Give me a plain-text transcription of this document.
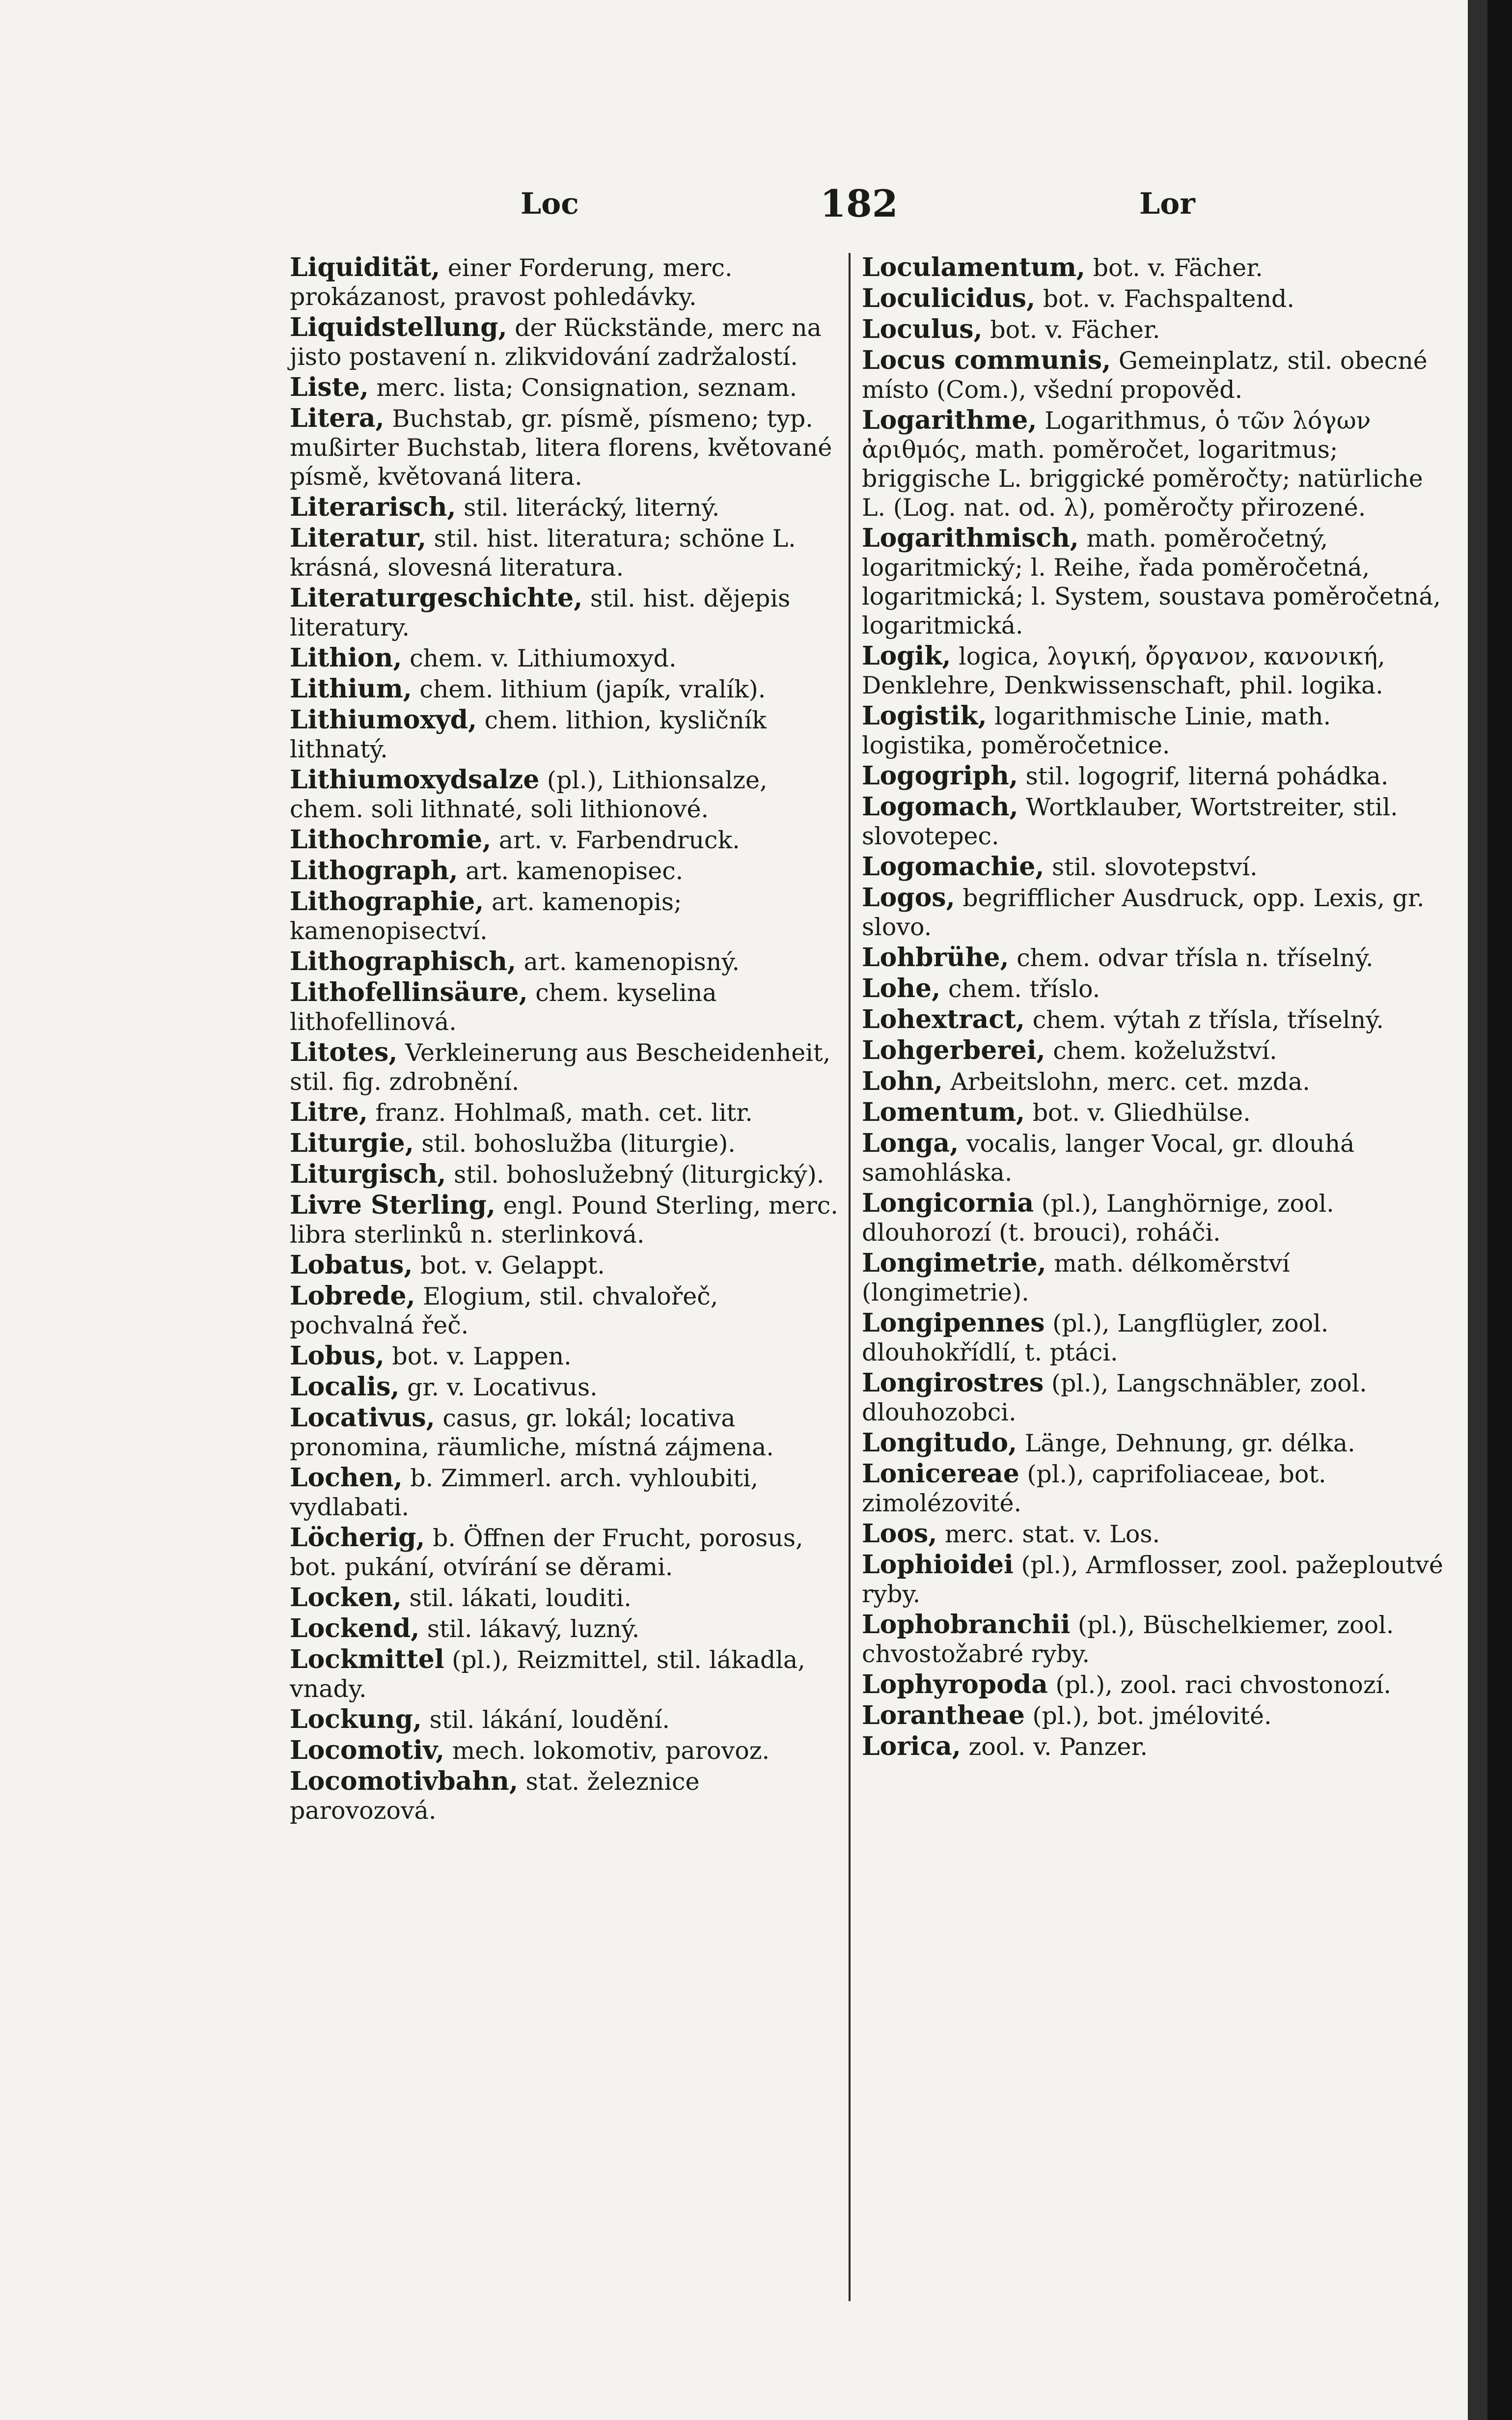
Loc	182	Lor
Liquidität, einer Forderung, merc. prokázanost, pravost pohledávky.
Liquidstellung, der Rückstände, merc na jisto postavení n. zlikvidování zadržalostí.
Liste, merc. lista; Consignation, seznam.
Litera, Buchstab, gr. písmě, písmeno; typ. mußirter Buchstab, litera florens, květované písmě, květovaná litera.
Literarisch, stil. literácký, literný.
Literatur, stil. hist. literatura; schöne L. krásná, slovesná literatura.
Literaturgeschichte, stil. hist. dějepis literatury.
Lithion, chem. v. Lithiumoxyd.
Lithium, chem. lithium (japík, vralík).
Lithiumoxyd, chem. lithion, kysličník lithnatý.
Lithiumoxydsalze (pl.), Lithionsalze, chem. soli lithnaté, soli lithionové.
Lithochromie, art. v. Farbendruck.
Lithograph, art. kamenopisec.
Lithographie, art. kamenopis; kamenopisectví.
Lithographisch, art. kamenopisný.
Lithofellinsäure, chem. kyselina lithofellinová.
Litotes, Verkleinerung aus Bescheidenheit, stil. fig. zdrobnění.
Litre, franz. Hohlmaß, math. cet. litr.
Liturgie, stil. bohoslužba (liturgie).
Liturgisch, stil. bohoslužebný (liturgický).
Livre Sterling, engl. Pound Sterling, merc. libra sterlinků n. sterlinková.
Lobatus, bot. v. Gelappt.
Lobrede, Elogium, stil. chvalořeč, pochvalná řeč.
Lobus, bot. v. Lappen.
Localis, gr. v. Locativus.
Locativus, casus, gr. lokál; locativa pronomina, räumliche, místná zájmena.
Lochen, b. Zimmerl. arch. vyhloubiti, vydlabati.
Löcherig, b. Öffnen der Frucht, porosus, bot. pukání, otvírání se děrami.
Locken, stil. lákati, louditi.
Lockend, stil. lákavý, luzný.
Lockmittel (pl.), Reizmittel, stil. lákadla, vnady.
Lockung, stil. lákání, loudění.
Locomotiv, mech. lokomotiv, parovoz.
Locomotivbahn, stat. železnice parovozová.
Loculamentum, bot. v. Fächer.
Loculicidus, bot. v. Fachspaltend.
Loculus, bot. v. Fächer.
Locus communis, Gemeinplatz, stil. obecné místo (Com.), všední propověd.
Logarithme, Logarithmus, ὁ τῶν λόγων ἀριθμός, math. poměročet, logaritmus; briggische L. briggické poměročty; natürliche L. (Log. nat. od. λ), poměročty přirozené.
Logarithmisch, math. poměročetný, logaritmický; l. Reihe, řada poměročetná, logaritmická; l. System, soustava poměročetná, logaritmická.
Logik, logica, λογική, ὄργανον, κανονική, Denklehre, Denkwissenschaft, phil. logika.
Logistik, logarithmische Linie, math. logistika, poměročetnice.
Logogriph, stil. logogrif, literná pohádka.
Logomach, Wortklauber, Wortstreiter, stil. slovotepec.
Logomachie, stil. slovotepství.
Logos, begrifflicher Ausdruck, opp. Lexis, gr. slovo.
Lohbrühe, chem. odvar třísla n. tříselný.
Lohe, chem. tříslo.
Lohextract, chem. výtah z třísla, tříselný.
Lohgerberei, chem. koželužství.
Lohn, Arbeitslohn, merc. cet. mzda.
Lomentum, bot. v. Gliedhülse.
Longa, vocalis, langer Vocal, gr. dlouhá samohláska.
Longicornia (pl.), Langhörnige, zool. dlouhorozí (t. brouci), roháči.
Longimetrie, math. délkoměrství (longimetrie).
Longipennes (pl.), Langflügler, zool. dlouhokřídlí, t. ptáci.
Longirostres (pl.), Langschnäbler, zool. dlouhozobci.
Longitudo, Länge, Dehnung, gr. délka.
Lonicereae (pl.), caprifoliaceae, bot. zimolézovité.
Loos, merc. stat. v. Los.
Lophioidei (pl.), Armflosser, zool. pažeploutvé ryby.
Lophobranchii (pl.), Büschelkiemer, zool. chvostožabré ryby.
Lophyropoda (pl.), zool. raci chvostonozí.
Loranthеae (pl.), bot. jmélovité.
Lorica, zool. v. Panzer.
